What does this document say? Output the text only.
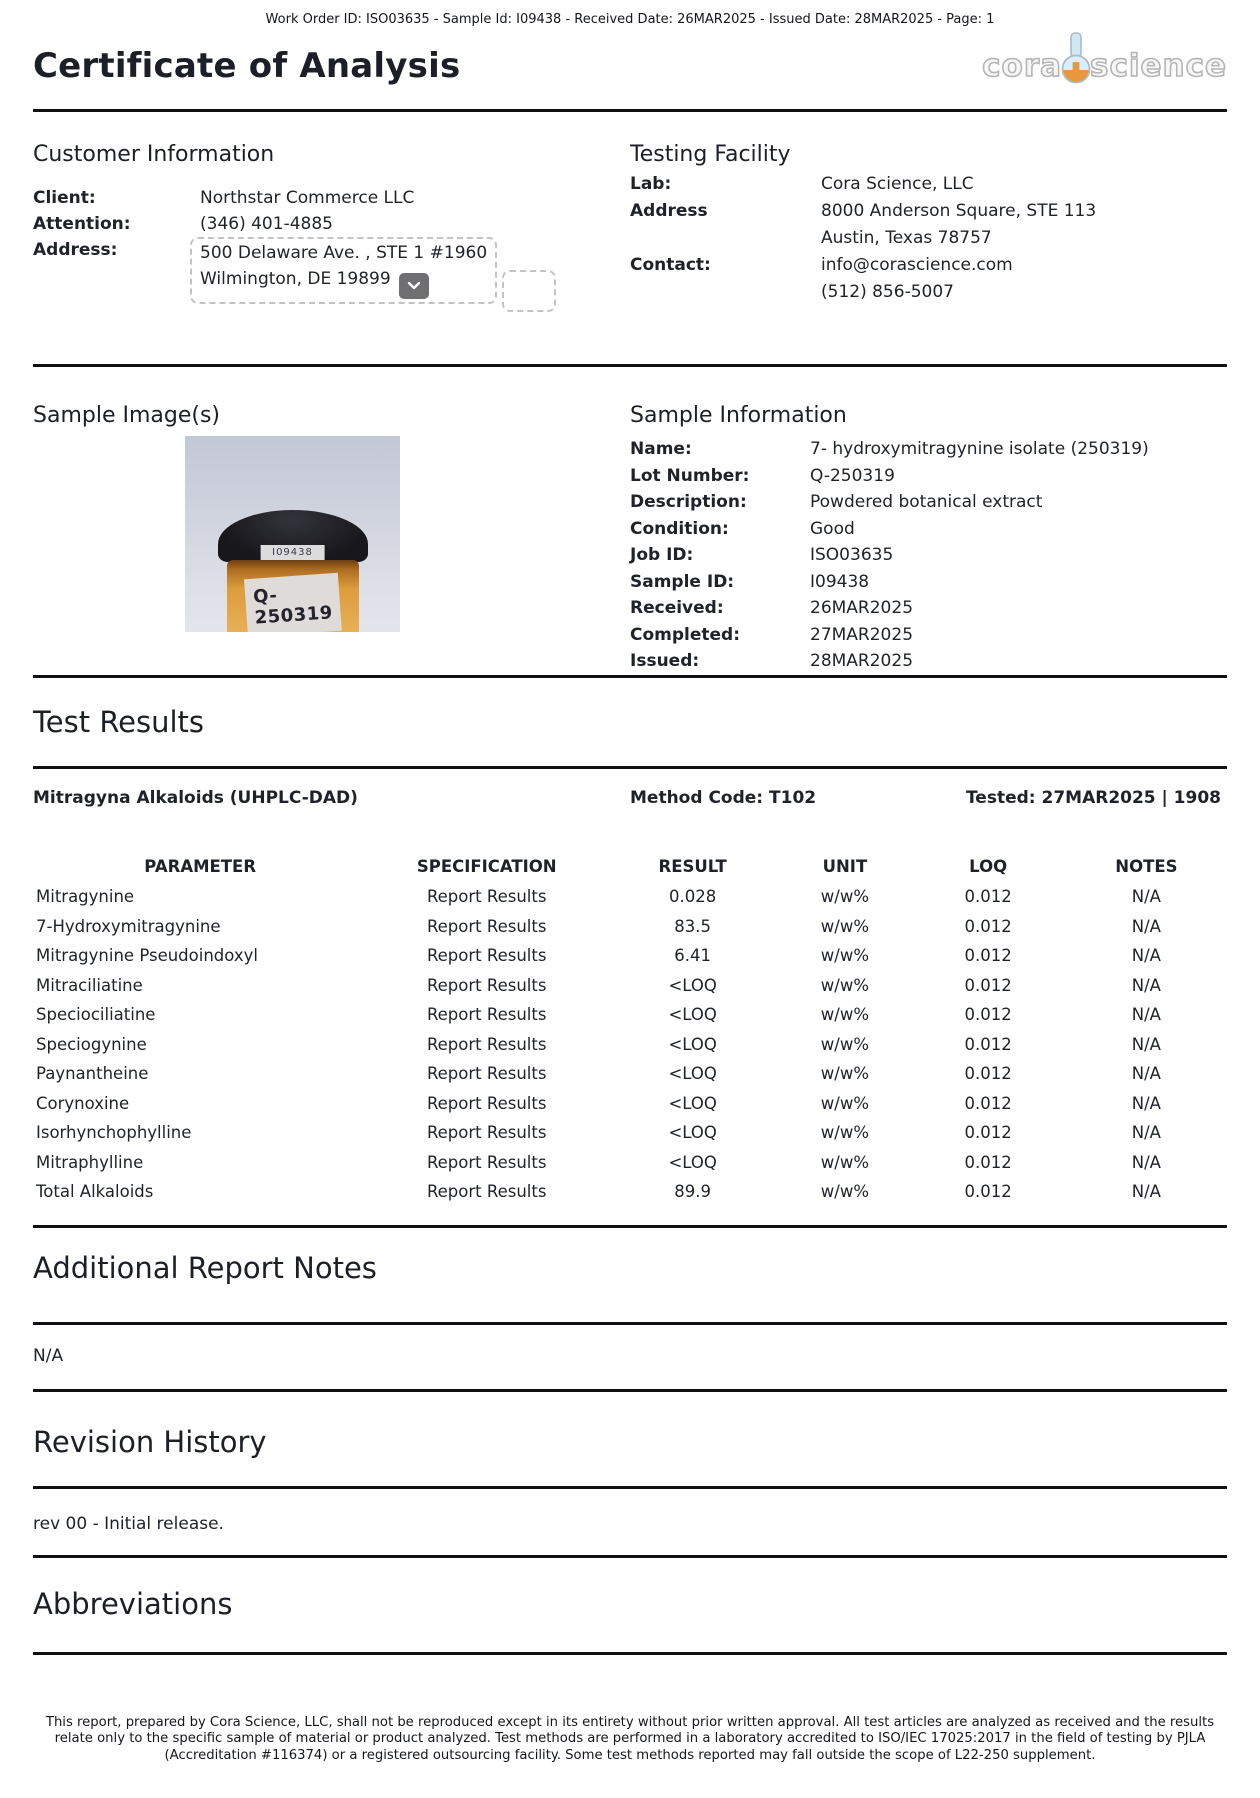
Work Order ID: ISO03635 - Sample Id: I09438 - Received Date: 26MAR2025 - Issued Date: 28MAR2025 - Page: 1
Certificate of Analysis	cora science
Customer Information
Client:	Northstar Commerce LLC
Attention:	(346) 401-4885
Address:	500 Delaware Ave. , STE 1 #1960
Wilmington, DE 19899
Testing Facility
Lab:	Cora Science, LLC
Address	8000 Anderson Square, STE 113
Austin, Texas 78757
Contact:	info@corascience.com
(512) 856-5007
Sample Image(s)
I09438
Q-250319
Sample Information
Name:	7- hydroxymitragynine isolate (250319)
Lot Number:	Q-250319
Description:	Powdered botanical extract
Condition:	Good
Job ID:	ISO03635
Sample ID:	I09438
Received:	26MAR2025
Completed:	27MAR2025
Issued:	28MAR2025
Test Results
Mitragyna Alkaloids (UHPLC-DAD)	Method Code: T102	Tested: 27MAR2025 | 1908
PARAMETER	SPECIFICATION	RESULT	UNIT	LOQ	NOTES
Mitragynine	Report Results	0.028	w/w%	0.012	N/A
7-Hydroxymitragynine	Report Results	83.5	w/w%	0.012	N/A
Mitragynine Pseudoindoxyl	Report Results	6.41	w/w%	0.012	N/A
Mitraciliatine	Report Results	<LOQ	w/w%	0.012	N/A
Speciociliatine	Report Results	<LOQ	w/w%	0.012	N/A
Speciogynine	Report Results	<LOQ	w/w%	0.012	N/A
Paynantheine	Report Results	<LOQ	w/w%	0.012	N/A
Corynoxine	Report Results	<LOQ	w/w%	0.012	N/A
Isorhynchophylline	Report Results	<LOQ	w/w%	0.012	N/A
Mitraphylline	Report Results	<LOQ	w/w%	0.012	N/A
Total Alkaloids	Report Results	89.9	w/w%	0.012	N/A
Additional Report Notes
N/A
Revision History
rev 00 - Initial release.
Abbreviations
This report, prepared by Cora Science, LLC, shall not be reproduced except in its entirety without prior written approval. All test articles are analyzed as received and the results relate only to the specific sample of material or product analyzed. Test methods are performed in a laboratory accredited to ISO/IEC 17025:2017 in the field of testing by PJLA (Accreditation #116374) or a registered outsourcing facility. Some test methods reported may fall outside the scope of L22-250 supplement.
